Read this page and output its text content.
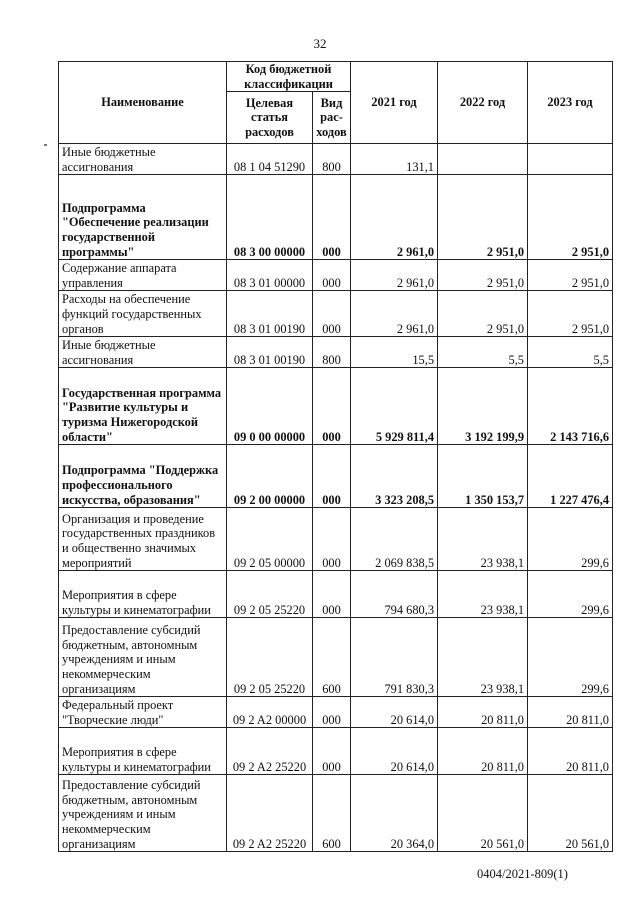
32
Наименование	Код бюджетной классификации		2021 год	2022 год	2023 год
	Целевая статья расходов	Вид рас-ходов			
Иные бюджетные ассигнования	08 1 04 51290	800	131,1		
Подпрограмма "Обеспечение реализации государственной программы"	08 3 00 00000	000	2 961,0	2 951,0	2 951,0
Содержание аппарата управления	08 3 01 00000	000	2 961,0	2 951,0	2 951,0
Расходы на обеспечение функций государственных органов	08 3 01 00190	000	2 961,0	2 951,0	2 951,0
Иные бюджетные ассигнования	08 3 01 00190	800	15,5	5,5	5,5
Государственная программа "Развитие культуры и туризма Нижегородской области"	09 0 00 00000	000	5 929 811,4	3 192 199,9	2 143 716,6
Подпрограмма "Поддержка профессионального искусства, образования"	09 2 00 00000	000	3 323 208,5	1 350 153,7	1 227 476,4
Организация и проведение государственных праздников и общественно значимых мероприятий	09 2 05 00000	000	2 069 838,5	23 938,1	299,6
Мероприятия в сфере культуры и кинематографии	09 2 05 25220	000	794 680,3	23 938,1	299,6
Предоставление субсидий бюджетным, автономным учреждениям и иным некоммерческим организациям	09 2 05 25220	600	791 830,3	23 938,1	299,6
Федеральный проект "Творческие люди"	09 2 A2 00000	000	20 614,0	20 811,0	20 811,0
Мероприятия в сфере культуры и кинематографии	09 2 A2 25220	000	20 614,0	20 811,0	20 811,0
Предоставление субсидий бюджетным, автономным учреждениям и иным некоммерческим организациям	09 2 A2 25220	600	20 364,0	20 561,0	20 561,0
0404/2021-809(1)
